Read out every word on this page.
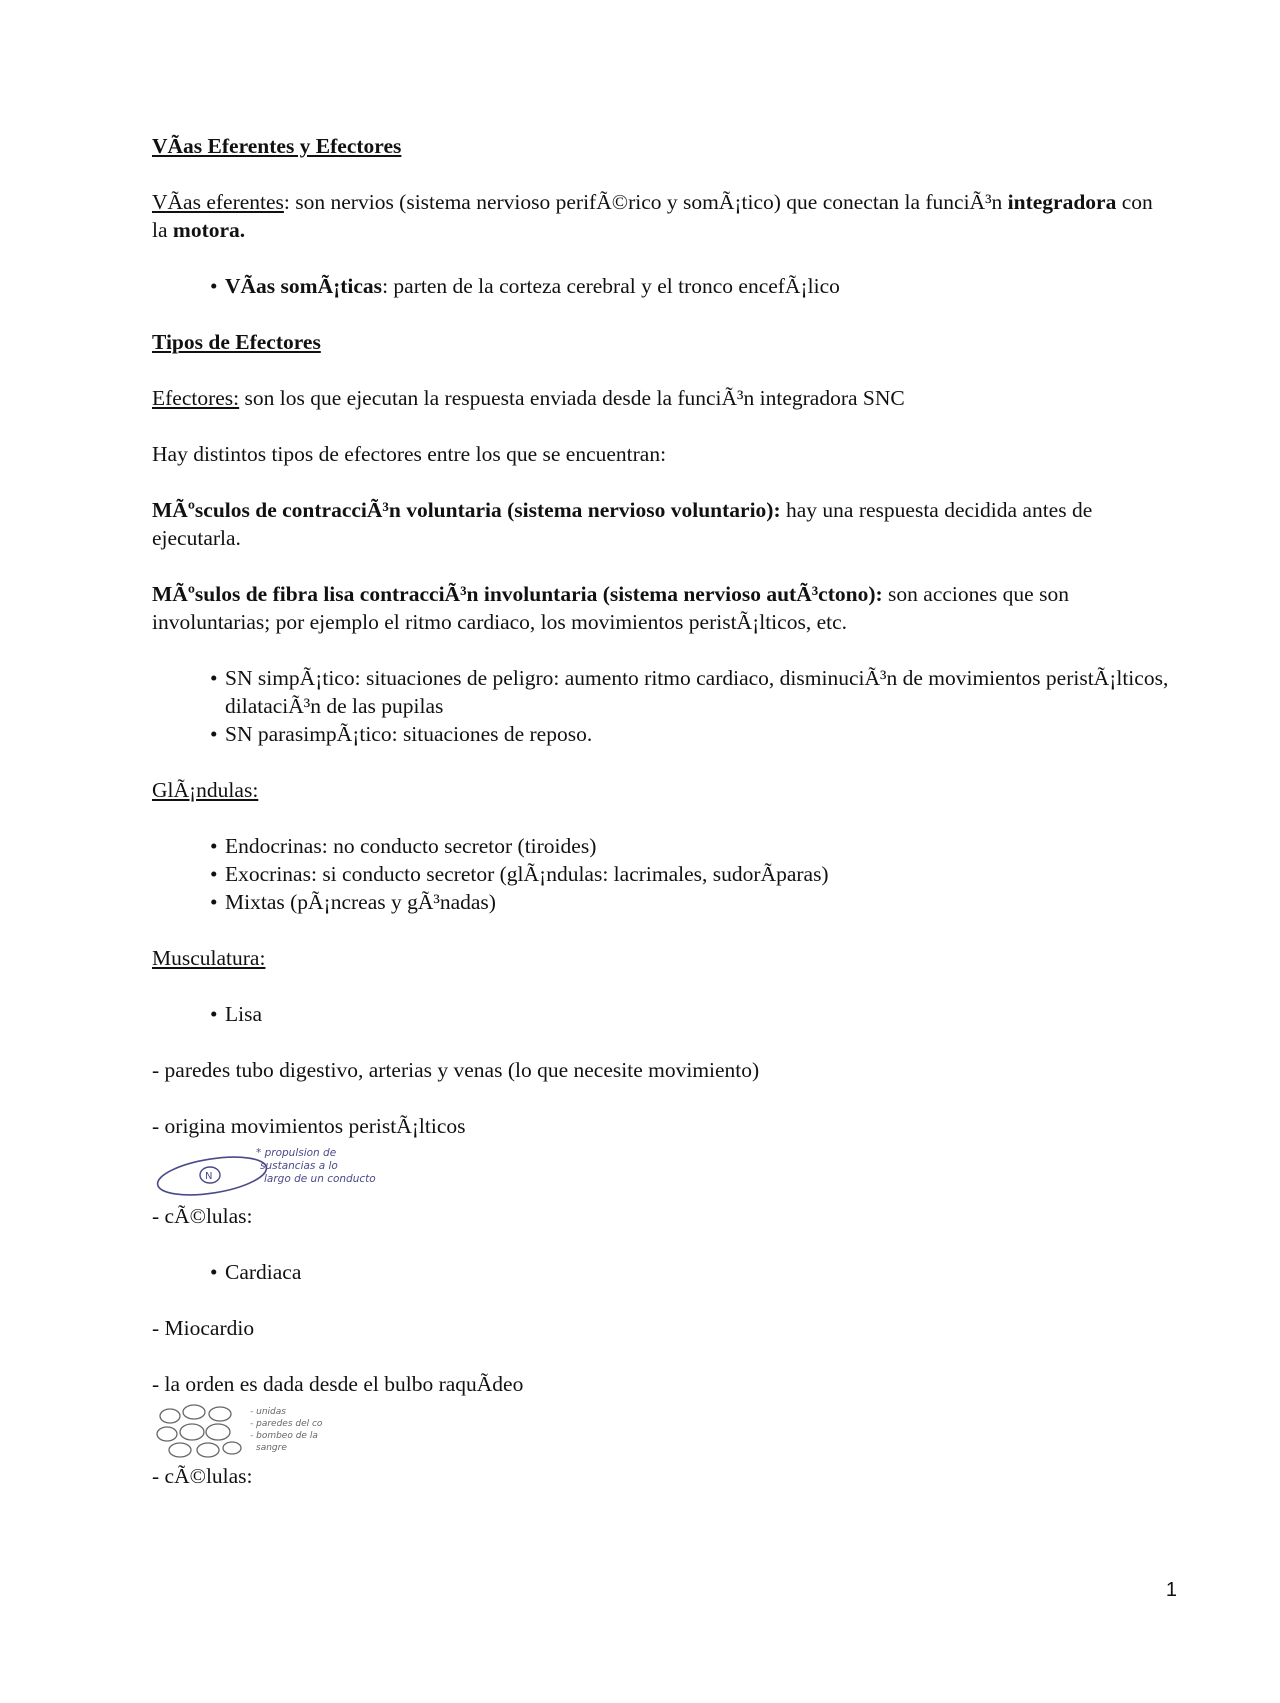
VÃas Eferentes y Efectores

VÃas eferentes: son nervios (sistema nervioso perifÃ©rico y somÃ¡tico) que conectan la funciÃ³n integradora con la motora.

• VÃas somÃ¡ticas: parten de la corteza cerebral y el tronco encefÃ¡lico
Tipos de Efectores

Efectores: son los que ejecutan la respuesta enviada desde la funciÃ³n integradora SNC

Hay distintos tipos de efectores entre los que se encuentran:

MÃºsculos de contracciÃ³n voluntaria (sistema nervioso voluntario): hay una respuesta decidida antes de ejecutarla.

MÃºsulos de fibra lisa contracciÃ³n involuntaria (sistema nervioso autÃ³ctono): son acciones que son involuntarias; por ejemplo el ritmo cardiaco, los movimientos peristÃ¡lticos, etc.

• SN simpÃ¡tico: situaciones de peligro: aumento ritmo cardiaco, disminuciÃ³n de movimientos peristÃ¡lticos, dilataciÃ³n de las pupilas
• SN parasimpÃ¡tico: situaciones de reposo.

GlÃ¡ndulas:

• Endocrinas: no conducto secretor (tiroides)
• Exocrinas: si conducto secretor (glÃ¡ndulas: lacrimales, sudorÃparas)
• Mixtas (pÃ¡ncreas y gÃ³nadas)

Musculatura:

• Lisa

- paredes tubo digestivo, arterias y venas (lo que necesite movimiento)

- origina movimientos peristÃ¡lticos

N
* propulsion de
sustancias a lo
largo de un conducto

- cÃ©lulas:

• Cardiaca

- Miocardio

- la orden es dada desde el bulbo raquÃdeo

- unidas
- paredes del co
- bombeo de la
sangre

- cÃ©lulas:

1
